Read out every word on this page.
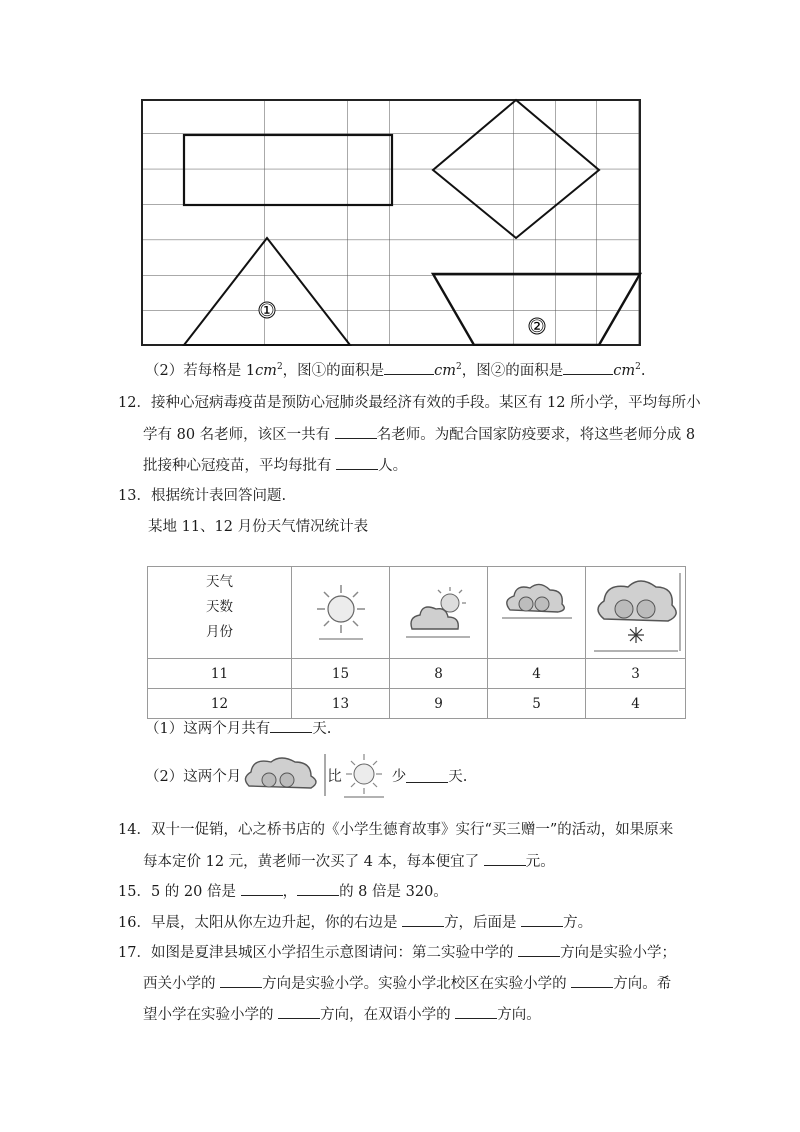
①
②
（2）若每格是 $1cm^2$，图①的面积是	$cm^2$，图②的面积是	$cm^2$.
12．接种心冠病毒疫苗是预防心冠肺炎最经济有效的手段。某区有 12 所小学，平均每所小
学有 80 名老师，该区一共有	名老师。为配合国家防疫要求，将这些老师分成 8
批接种心冠疫苗，平均每批有	人。
13．根据统计表回答问题.
某地 11、12 月份天气情况统计表
天气
天数
月份

11	15	8	4	3
12	13	9	5	4
（1）这两个月共有	天.
（2）这两个月	比	少	天.
14．双十一促销，心之桥书店的《小学生德育故事》实行“买三赠一”的活动，如果原来
每本定价 12 元，黄老师一次买了 4 本，每本便宜了	元。
15．5 的 20 倍是	，	的 8 倍是 320。
16．早晨，太阳从你左边升起，你的右边是	方，后面是	方。
17．如图是夏津县城区小学招生示意图请问：第二实验中学的	方向是实验小学；
西关小学的	方向是实验小学。实验小学北校区在实验小学的	方向。希
望小学在实验小学的	方向，在双语小学的	方向。
